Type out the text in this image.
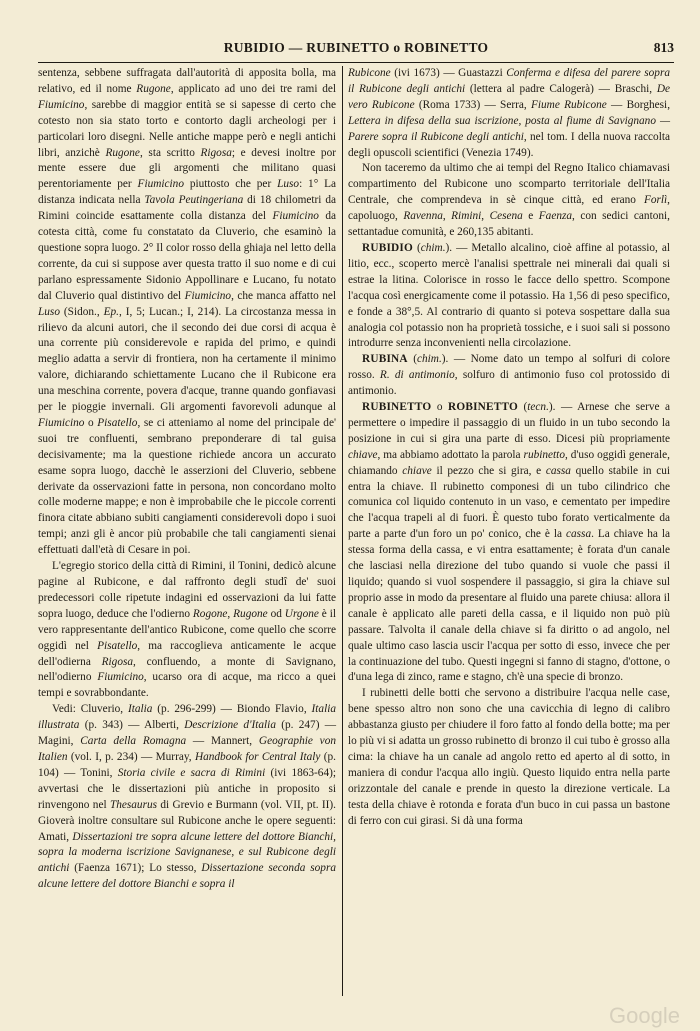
RUBIDIO — RUBINETTO o ROBINETTO	813

sentenza, sebbene suffragata dall'autorità di apposita bolla, ma relativo, ed il nome Rugone, applicato ad uno dei tre rami del Fiumicino, sarebbe di maggior entità se si sapesse di certo che cotesto non sia stato torto e contorto dagli archeologi per i particolari loro disegni. Nelle antiche mappe però e negli antichi libri, anzichè Rugone, sta scritto Rigosa; e devesi inoltre por mente essere due gli argomenti che militano quasi perentoriamente per Fiumicino piuttosto che per Luso: 1° La distanza indicata nella Tavola Peutingeriana di 18 chilometri da Rimini coincide esattamente colla distanza del Fiumicino da cotesta città, come fu constatato da Cluverio, che esaminò la questione sopra luogo. 2° Il color rosso della ghiaja nel letto della corrente, da cui si suppose aver questa tratto il suo nome e di cui parlano espressamente Sidonio Appollinare e Lucano, fu notato dal Cluverio qual distintivo del Fiumicino, che manca affatto nel Luso (Sidon., Ep., I, 5; Lucan.; I, 214). La circostanza messa in rilievo da alcuni autori, che il secondo dei due corsi di acqua è una corrente più considerevole e rapida del primo, e quindi meglio adatta a servir di frontiera, non ha certamente il minimo valore, dichiarando schiettamente Lucano che il Rubicone era una meschina corrente, povera d'acque, tranne quando gonfiavasi per le pioggie invernali. Gli argomenti favorevoli adunque al Fiumicino o Pisatello, se ci atteniamo al nome del principale de' suoi tre confluenti, sembrano preponderare di tal guisa decisivamente; ma la questione richiede ancora un accurato esame sopra luogo, dacchè le asserzioni del Cluverio, sebbene derivate da osservazioni fatte in persona, non concordano molto colle moderne mappe; e non è improbabile che le piccole correnti finora citate abbiano subiti cangiamenti considerevoli dopo i suoi tempi; anzi gli è ancor più probabile che tali cangiamenti sienai effettuati dall'età di Cesare in poi.

L'egregio storico della città di Rimini, il Tonini, dedicò alcune pagine al Rubicone, e dal raffronto degli studî de' suoi predecessori colle ripetute indagini ed osservazioni da lui fatte sopra luogo, deduce che l'odierno Rogone, Rugone od Urgone è il vero rappresentante dell'antico Rubicone, come quello che scorre oggidì nel Pisatello, ma raccoglieva anticamente le acque dell'odierna Rigosa, confluendo, a monte di Savignano, nell'odierno Fiumicino, ucarso ora di acque, ma ricco a quei tempi e sovrabbondante.

Vedi: Cluverio, Italia (p. 296-299) — Biondo Flavio, Italia illustrata (p. 343) — Alberti, Descrizione d'Italia (p. 247) — Magini, Carta della Romagna — Mannert, Geographie von Italien (vol. I, p. 234) — Murray, Handbook for Central Italy (p. 104) — Tonini, Storia civile e sacra di Rimini (ivi 1863-64); avvertasi che le dissertazioni più antiche in proposito si rinvengono nel Thesaurus di Grevio e Burmann (vol. VII, pt. II). Gioverà inoltre consultare sul Rubicone anche le opere seguenti: Amati, Dissertazioni tre sopra alcune lettere del dottore Bianchi, sopra la moderna iscrizione Savignanese, e sul Rubicone degli antichi (Faenza 1671); Lo stesso, Dissertazione seconda sopra alcune lettere del dottore Bianchi e sopra il

Rubicone (ivi 1673) — Guastazzi Conferma e difesa del parere sopra il Rubicone degli antichi (lettera al padre Calogerà) — Braschi, De vero Rubicone (Roma 1733) — Serra, Fiume Rubicone — Borghesi, Lettera in difesa della sua iscrizione, posta al fiume di Savignano — Parere sopra il Rubicone degli antichi, nel tom. I della nuova raccolta degli opuscoli scientifici (Venezia 1749).

Non taceremo da ultimo che ai tempi del Regno Italico chiamavasi compartimento del Rubicone uno scomparto territoriale dell'Italia Centrale, che comprendeva in sè cinque città, ed erano Forlì, capoluogo, Ravenna, Rimini, Cesena e Faenza, con sedici cantoni, settantadue comunità, e 260,135 abitanti.

RUBIDIO (chim.). — Metallo alcalino, cioè affine al potassio, al litio, ecc., scoperto mercè l'analisi spettrale nei minerali dai quali si estrae la litina. Colorisce in rosso le facce dello spettro. Scompone l'acqua così energicamente come il potassio. Ha 1,56 di peso specifico, e fonde a 38°,5. Al contrario di quanto si poteva sospettare dalla sua analogia col potassio non ha proprietà tossiche, e i suoi sali si possono introdurre senza inconvenienti nella circolazione.

RUBINA (chim.). — Nome dato un tempo al solfuri di colore rosso. R. di antimonio, solfuro di antimonio fuso col protossido di antimonio.

RUBINETTO o ROBINETTO (tecn.). — Arnese che serve a permettere o impedire il passaggio di un fluido in un tubo secondo la posizione in cui si gira una parte di esso. Dicesi più propriamente chiave, ma abbiamo adottato la parola rubinetto, d'uso oggidì generale, chiamando chiave il pezzo che si gira, e cassa quello stabile in cui entra la chiave. Il rubinetto componesi di un tubo cilindrico che comunica col liquido contenuto in un vaso, e cementato per impedire che l'acqua trapeli al di fuori. È questo tubo forato verticalmente da parte a parte d'un foro un po' conico, che è la cassa. La chiave ha la stessa forma della cassa, e vi entra esattamente; è forata d'un canale che lasciasi nella direzione del tubo quando si vuole che passi il liquido; quando si vuol sospendere il passaggio, si gira la chiave sul proprio asse in modo da presentare al fluido una parete chiusa: allora il canale è applicato alle pareti della cassa, e il liquido non può più passare. Talvolta il canale della chiave si fa diritto o ad angolo, nel quale ultimo caso lascia uscir l'acqua per sotto di esso, invece che per la continuazione del tubo. Questi ingegni si fanno di stagno, d'ottone, o d'una lega di zinco, rame e stagno, ch'è una specie di bronzo.

I rubinetti delle botti che servono a distribuire l'acqua nelle case, bene spesso altro non sono che una cavicchia di legno di calibro abbastanza giusto per chiudere il foro fatto al fondo della botte; ma per lo più vi si adatta un grosso rubinetto di bronzo il cui tubo è grosso alla cima: la chiave ha un canale ad angolo retto ed aperto al di sotto, in maniera di condur l'acqua allo ingiù. Questo liquido entra nella parte orizzontale del canale e prende in questo la direzione verticale. La testa della chiave è rotonda e forata d'un buco in cui passa un bastone di ferro con cui girasi. Si dà una forma

Google
